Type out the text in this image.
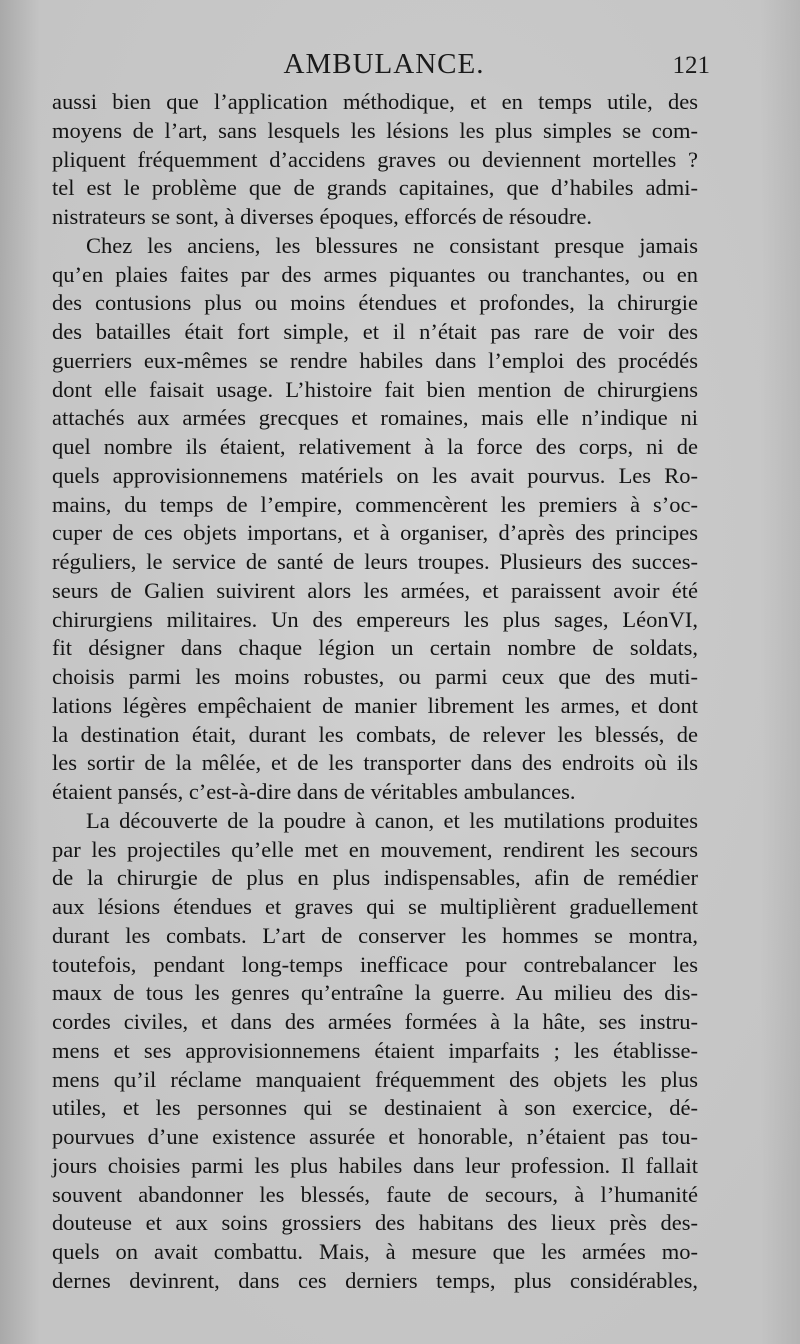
AMBULANCE.	121
aussi bien que l’application méthodique, et en temps utile, des
moyens de l’art, sans lesquels les lésions les plus simples se com-
pliquent fréquemment d’accidens graves ou deviennent mortelles ?
tel est le problème que de grands capitaines, que d’habiles admi-
nistrateurs se sont, à diverses époques, efforcés de résoudre.
Chez les anciens, les blessures ne consistant presque jamais
qu’en plaies faites par des armes piquantes ou tranchantes, ou en
des contusions plus ou moins étendues et profondes, la chirurgie
des batailles était fort simple, et il n’était pas rare de voir des
guerriers eux-mêmes se rendre habiles dans l’emploi des procédés
dont elle faisait usage. L’histoire fait bien mention de chirurgiens
attachés aux armées grecques et romaines, mais elle n’indique ni
quel nombre ils étaient, relativement à la force des corps, ni de
quels approvisionnemens matériels on les avait pourvus. Les Ro-
mains, du temps de l’empire, commencèrent les premiers à s’oc-
cuper de ces objets importans, et à organiser, d’après des principes
réguliers, le service de santé de leurs troupes. Plusieurs des succes-
seurs de Galien suivirent alors les armées, et paraissent avoir été
chirurgiens militaires. Un des empereurs les plus sages, LéonVI,
fit désigner dans chaque légion un certain nombre de soldats,
choisis parmi les moins robustes, ou parmi ceux que des muti-
lations légères empêchaient de manier librement les armes, et dont
la destination était, durant les combats, de relever les blessés, de
les sortir de la mêlée, et de les transporter dans des endroits où ils
étaient pansés, c’est-à-dire dans de véritables ambulances.
La découverte de la poudre à canon, et les mutilations produites
par les projectiles qu’elle met en mouvement, rendirent les secours
de la chirurgie de plus en plus indispensables, afin de remédier
aux lésions étendues et graves qui se multiplièrent graduellement
durant les combats. L’art de conserver les hommes se montra,
toutefois, pendant long-temps inefficace pour contrebalancer les
maux de tous les genres qu’entraîne la guerre. Au milieu des dis-
cordes civiles, et dans des armées formées à la hâte, ses instru-
mens et ses approvisionnemens étaient imparfaits ; les établisse-
mens qu’il réclame manquaient fréquemment des objets les plus
utiles, et les personnes qui se destinaient à son exercice, dé-
pourvues d’une existence assurée et honorable, n’étaient pas tou-
jours choisies parmi les plus habiles dans leur profession. Il fallait
souvent abandonner les blessés, faute de secours, à l’humanité
douteuse et aux soins grossiers des habitans des lieux près des-
quels on avait combattu. Mais, à mesure que les armées mo-
dernes devinrent, dans ces derniers temps, plus considérables,
